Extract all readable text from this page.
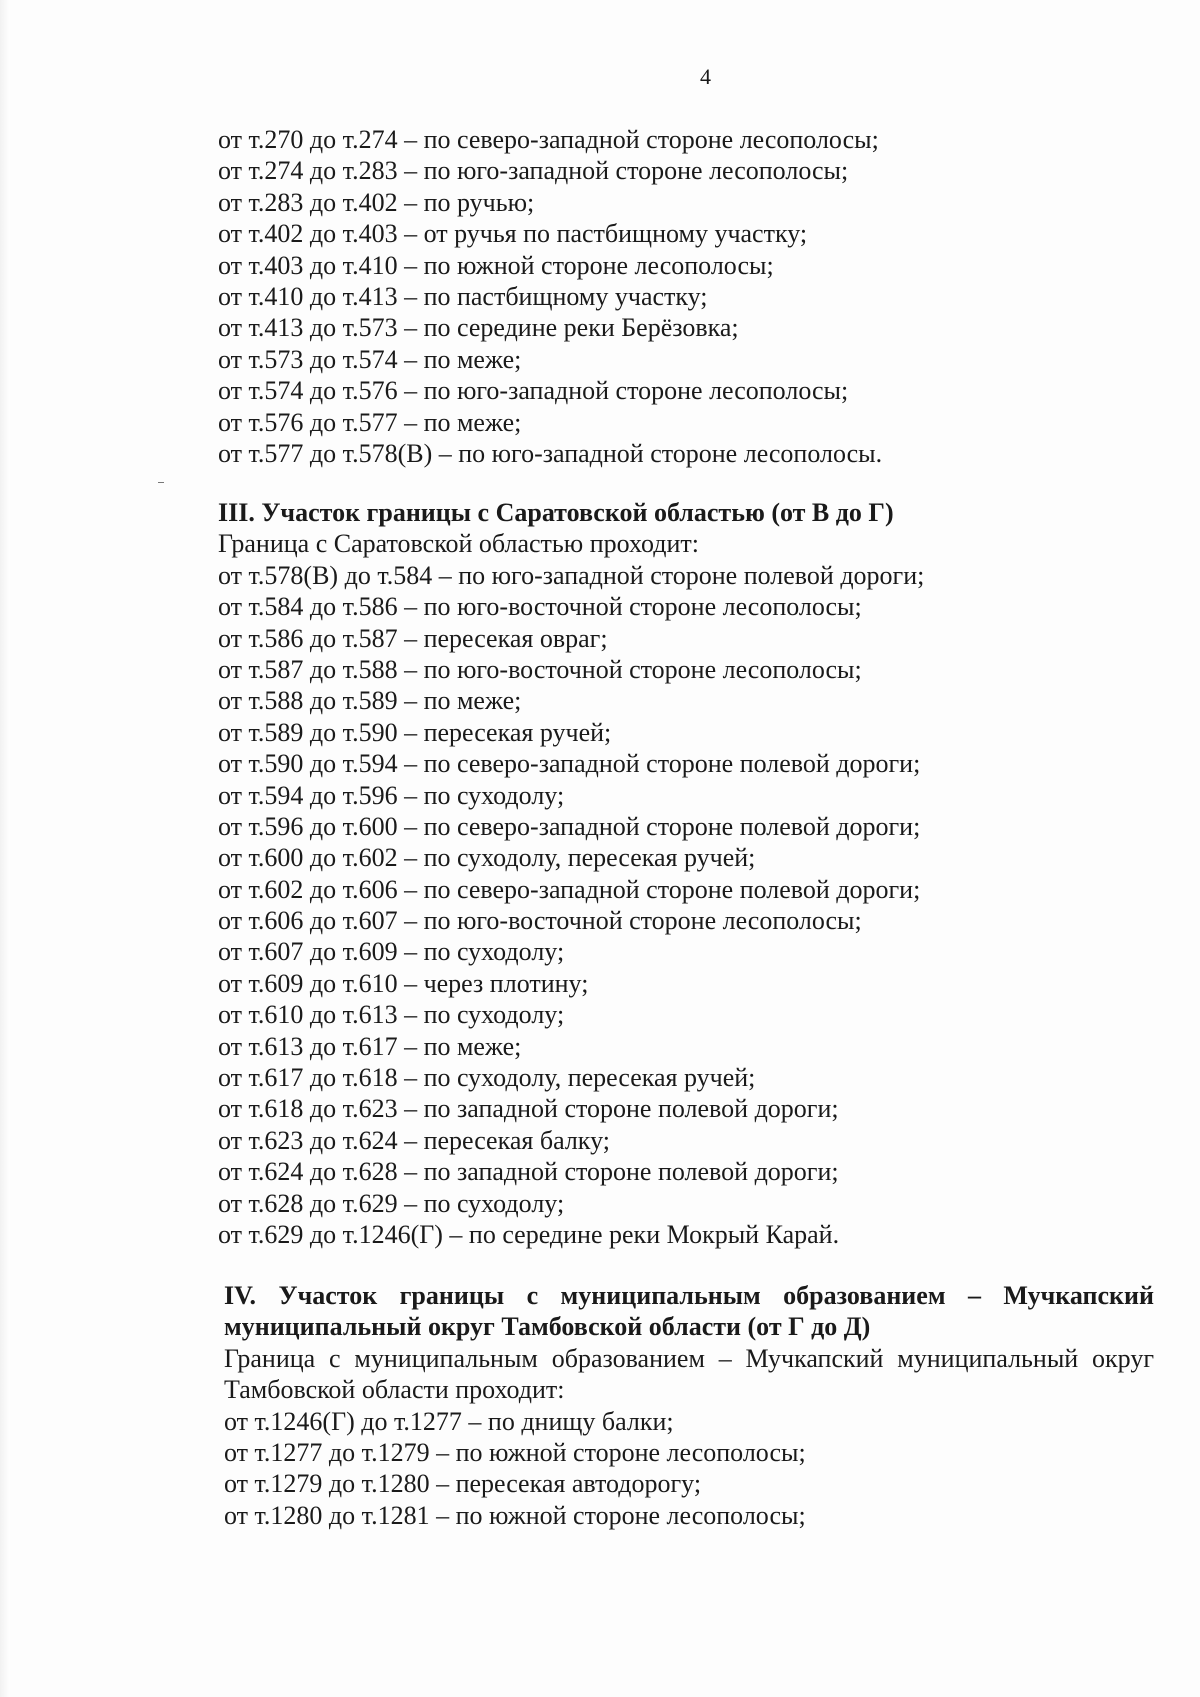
4
от т.270 до т.274 – по северо-западной стороне лесополосы;
от т.274 до т.283 – по юго-западной стороне лесополосы;
от т.283 до т.402 – по ручью;
от т.402 до т.403 – от ручья по пастбищному участку;
от т.403 до т.410 – по южной стороне лесополосы;
от т.410 до т.413 – по пастбищному участку;
от т.413 до т.573 – по середине реки Берёзовка;
от т.573 до т.574 – по меже;
от т.574 до т.576 – по юго-западной стороне лесополосы;
от т.576 до т.577 – по меже;
от т.577 до т.578(В) – по юго-западной стороне лесополосы.
III. Участок границы с Саратовской областью (от В до Г)
Граница с Саратовской областью проходит:
от т.578(В) до т.584 – по юго-западной стороне полевой дороги;
от т.584 до т.586 – по юго-восточной стороне лесополосы;
от т.586 до т.587 – пересекая овраг;
от т.587 до т.588 – по юго-восточной стороне лесополосы;
от т.588 до т.589 – по меже;
от т.589 до т.590 – пересекая ручей;
от т.590 до т.594 – по северо-западной стороне полевой дороги;
от т.594 до т.596 – по суходолу;
от т.596 до т.600 – по северо-западной стороне полевой дороги;
от т.600 до т.602 – по суходолу, пересекая ручей;
от т.602 до т.606 – по северо-западной стороне полевой дороги;
от т.606 до т.607 – по юго-восточной стороне лесополосы;
от т.607 до т.609 – по суходолу;
от т.609 до т.610 – через плотину;
от т.610 до т.613 – по суходолу;
от т.613 до т.617 – по меже;
от т.617 до т.618 – по суходолу, пересекая ручей;
от т.618 до т.623 – по западной стороне полевой дороги;
от т.623 до т.624 – пересекая балку;
от т.624 до т.628 – по западной стороне полевой дороги;
от т.628 до т.629 – по суходолу;
от т.629 до т.1246(Г) – по середине реки Мокрый Карай.
IV. Участок границы с муниципальным образованием – Мучкапский
муниципальный округ Тамбовской области (от Г до Д)
Граница с муниципальным образованием – Мучкапский муниципальный округ
Тамбовской области проходит:
от т.1246(Г) до т.1277 – по днищу балки;
от т.1277 до т.1279 – по южной стороне лесополосы;
от т.1279 до т.1280 – пересекая автодорогу;
от т.1280 до т.1281 – по южной стороне лесополосы;
